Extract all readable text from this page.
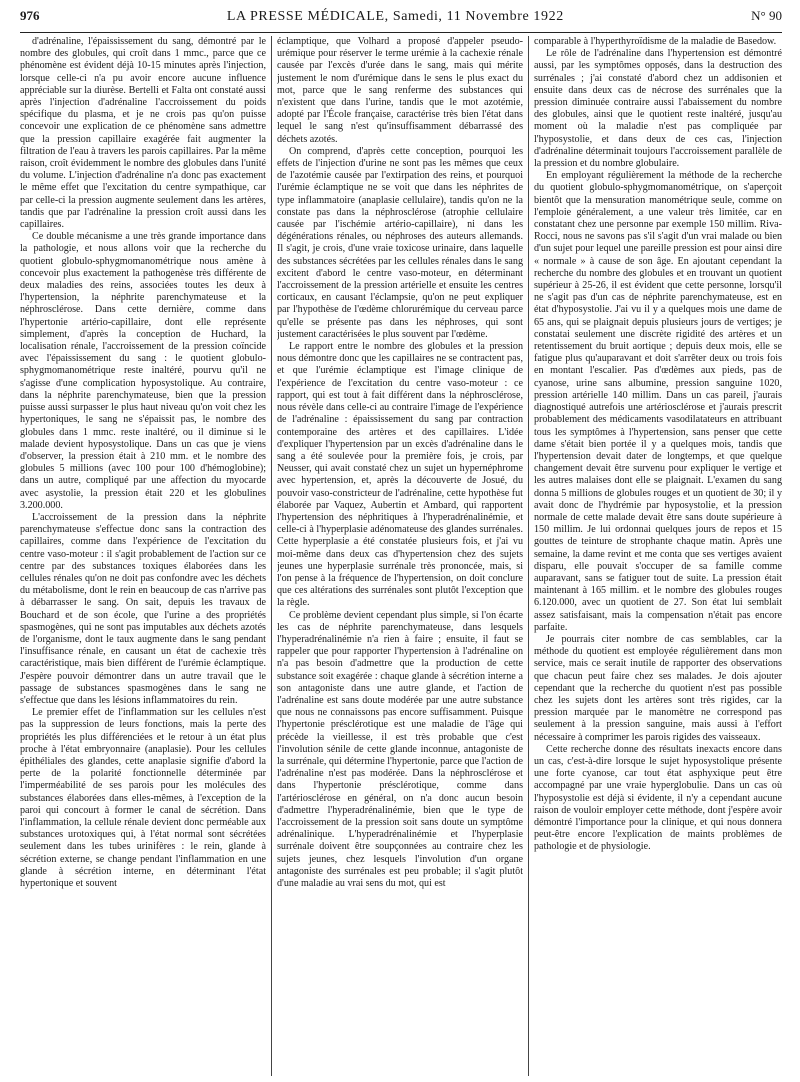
976	LA PRESSE MÉDICALE, Samedi, 11 Novembre 1922	N° 90

d'adrénaline, l'épaississement du sang, démontré par le nombre des globules, qui croît dans 1 mmc., parce que ce phénomène est évident déjà 10-15 minutes après l'injection, lorsque celle-ci n'a pu avoir encore aucune influence appréciable sur la diurèse. Bertelli et Falta ont constaté aussi après l'injection d'adrénaline l'accroissement du poids spécifique du plasma, et je ne crois pas qu'on puisse concevoir une explication de ce phénomène sans admettre que la pression capillaire exagérée fait augmenter la filtration de l'eau à travers les parois capillaires. Par la même raison, croît évidemment le nombre des globules dans l'unité du volume. L'injection d'adrénaline n'a donc pas exactement le même effet que l'excitation du centre sympathique, car par celle-ci la pression augmente seulement dans les artères, tandis que par l'adrénaline la pression croît aussi dans les capillaires.

Ce double mécanisme a une très grande importance dans la pathologie, et nous allons voir que la recherche du quotient globulo-sphygmomanométrique nous amène à concevoir plus exactement la pathogenèse très différente de deux maladies des reins, associées toutes les deux à l'hypertension, la néphrite parenchymateuse et la néphrosclérose. Dans cette dernière, comme dans l'hypertonie artério-capillaire, dont elle représente simplement, d'après la conception de Huchard, la localisation rénale, l'accroissement de la pression coïncide avec l'épaississement du sang : le quotient globulo-sphygmomanométrique reste inaltéré, pourvu qu'il ne s'agisse d'une complication hyposystolique. Au contraire, dans la néphrite parenchymateuse, bien que la pression puisse aussi surpasser le plus haut niveau qu'on voit chez les hypertoniques, le sang ne s'épaissit pas, le nombre des globules dans 1 mmc. reste inaltéré, ou il diminue si le malade devient hyposystolique. Dans un cas que je viens d'observer, la pression était à 210 mm. et le nombre des globules 5 millions (avec 100 pour 100 d'hémoglobine); dans un autre, compliqué par une affection du myocarde avec asystolie, la pression était 220 et les globulines 3.200.000.

L'accroissement de la pression dans la néphrite parenchymateuse s'effectue donc sans la contraction des capillaires, comme dans l'expérience de l'excitation du centre vaso-moteur : il s'agit probablement de l'action sur ce centre par des substances toxiques élaborées dans les cellules rénales qu'on ne doit pas confondre avec les déchets du métabolisme, dont le rein en beaucoup de cas n'arrive pas à débarrasser le sang. On sait, depuis les travaux de Bouchard et de son école, que l'urine a des propriétés spasmogènes, qui ne sont pas imputables aux déchets azotés de l'organisme, dont le taux augmente dans le sang pendant l'insuffisance rénale, en causant un état de cachexie très caractéristique, mais bien différent de l'urémie éclamptique. J'espère pouvoir démontrer dans un autre travail que le passage de substances spasmogènes dans le sang ne s'effectue que dans les lésions inflammatoires du rein.

Le premier effet de l'inflammation sur les cellules n'est pas la suppression de leurs fonctions, mais la perte des propriétés les plus différenciées et le retour à un état plus proche à l'état embryonnaire (anaplasie). Pour les cellules épithéliales des glandes, cette anaplasie signifie d'abord la perte de la polarité fonctionnelle déterminée par l'imperméabilité de ses parois pour les molécules des substances élaborées dans elles-mêmes, à l'exception de la paroi qui concourt à former le canal de sécrétion. Dans l'inflammation, la cellule rénale devient donc perméable aux substances urotoxiques qui, à l'état normal sont sécrétées seulement dans les tubes urinifères : le rein, glande à sécrétion externe, se change pendant l'inflammation en une glande à sécrétion interne, en déterminant l'état hypertonique et souvent

éclamptique, que Volhard a proposé d'appeler pseudo-urémique pour réserver le terme urémie à la cachexie rénale causée par l'excès d'urée dans le sang, mais qui mérite justement le nom d'urémique dans le sens le plus exact du mot, parce que le sang renferme des substances qui n'existent que dans l'urine, tandis que le mot azotémie, adopté par l'École française, caractérise très bien l'état dans lequel le sang n'est qu'insuffisamment débarrassé des déchets azotés.

On comprend, d'après cette conception, pourquoi les effets de l'injection d'urine ne sont pas les mêmes que ceux de l'azotémie causée par l'extirpation des reins, et pourquoi l'urémie éclamptique ne se voit que dans les néphrites de type inflammatoire (anaplasie cellulaire), tandis qu'on ne la constate pas dans la néphrosclérose (atrophie cellulaire causée par l'ischémie artério-capillaire), ni dans les dégénérations rénales, ou néphroses des auteurs allemands. Il s'agit, je crois, d'une vraie toxicose urinaire, dans laquelle des substances sécrétées par les cellules rénales dans le sang excitent d'abord le centre vaso-moteur, en déterminant l'accroissement de la pression artérielle et ensuite les centres corticaux, en causant l'éclampsie, qu'on ne peut expliquer par l'hypothèse de l'œdème chlorurémique du cerveau parce qu'elle se présente pas dans les néphroses, qui sont justement caractérisées le plus souvent par l'œdème.

Le rapport entre le nombre des globules et la pression nous démontre donc que les capillaires ne se contractent pas, et que l'urémie éclamptique est l'image clinique de l'expérience de l'excitation du centre vaso-moteur : ce rapport, qui est tout à fait différent dans la néphrosclérose, nous révèle dans celle-ci au contraire l'image de l'expérience de l'adrénaline : épaississement du sang par contraction contemporaine des artères et des capillaires. L'idée d'expliquer l'hypertension par un excès d'adrénaline dans le sang a été soulevée pour la première fois, je crois, par Neusser, qui avait constaté chez un sujet un hypernéphrome avec hypertension, et, après la découverte de Josué, du pouvoir vaso-constricteur de l'adrénaline, cette hypothèse fut élaborée par Vaquez, Aubertin et Ambard, qui rapportent l'hypertension des néphritiques à l'hyperadrénalinémie, et celle-ci à l'hyperplasie adénomateuse des glandes surrénales. Cette hyperplasie a été constatée plusieurs fois, et j'ai vu moi-même dans deux cas d'hypertension chez des sujets jeunes une hyperplasie surrénale très prononcée, mais, si l'on pense à la fréquence de l'hypertension, on doit conclure que ces altérations des surrénales sont plutôt l'exception que la règle.

Ce problème devient cependant plus simple, si l'on écarte les cas de néphrite parenchymateuse, dans lesquels l'hyperadrénalinémie n'a rien à faire ; ensuite, il faut se rappeler que pour rapporter l'hypertension à l'adrénaline on n'a pas besoin d'admettre que la production de cette substance soit exagérée : chaque glande à sécrétion interne a son antagoniste dans une autre glande, et l'action de l'adrénaline est sans doute modérée par une autre substance que nous ne connaissons pas encore suffisamment. Puisque l'hypertonie présclérotique est une maladie de l'âge qui précède la vieillesse, il est très probable que c'est l'involution sénile de cette glande inconnue, antagoniste de la surrénale, qui détermine l'hypertonie, parce que l'action de l'adrénaline n'est pas modérée. Dans la néphrosclérose et dans l'hypertonie présclérotique, comme dans l'artériosclérose en général, on n'a donc aucun besoin d'admettre l'hyperadrénalinémie, bien que le type de l'accroissement de la pression soit sans doute un symptôme adrénalinique. L'hyperadrénalinémie et l'hyperplasie surrénale doivent être soupçonnées au contraire chez les sujets jeunes, chez lesquels l'involution d'un organe antagoniste des surrénales est peu probable; il s'agit plutôt d'une maladie au vrai sens du mot, qui est

comparable à l'hyperthyroïdisme de la maladie de Basedow.

Le rôle de l'adrénaline dans l'hypertension est démontré aussi, par les symptômes opposés, dans la destruction des surrénales ; j'ai constaté d'abord chez un addisonien et ensuite dans deux cas de nécrose des surrénales que la pression diminuée contraire aussi l'abaissement du nombre des globules, ainsi que le quotient reste inaltéré, jusqu'au moment où la maladie n'est pas compliquée par l'hyposystolie, et dans deux de ces cas, l'injection d'adrénaline déterminait toujours l'accroissement parallèle de la pression et du nombre globulaire.

En employant régulièrement la méthode de la recherche du quotient globulo-sphygmomanométrique, on s'aperçoit bientôt que la mensuration manométrique seule, comme on l'emploie généralement, a une valeur très limitée, car en constatant chez une personne par exemple 150 millim. Riva-Rocci, nous ne savons pas s'il s'agit d'un vrai malade ou bien d'un sujet pour lequel une pareille pression est pour ainsi dire « normale » à cause de son âge. En ajoutant cependant la recherche du nombre des globules et en trouvant un quotient supérieur à 25-26, il est évident que cette personne, lorsqu'il ne s'agit pas d'un cas de néphrite parenchymateuse, est en état d'hyposystolie. J'ai vu il y a quelques mois une dame de 65 ans, qui se plaignait depuis plusieurs jours de vertiges; je constatai seulement une discrète rigidité des artères et un retentissement du bruit aortique ; depuis deux mois, elle se fatigue plus qu'auparavant et doit s'arrêter deux ou trois fois en montant l'escalier. Pas d'œdèmes aux pieds, pas de cyanose, urine sans albumine, pression sanguine 1020, pression artérielle 140 millim. Dans un cas pareil, j'aurais diagnostiqué autrefois une artériosclérose et j'aurais prescrit probablement des médicaments vasodilatateurs en attribuant tous les symptômes à l'hypertension, sans penser que cette dame s'était bien portée il y a quelques mois, tandis que l'hypertension devait dater de longtemps, et que quelque changement devait être survenu pour expliquer le vertige et les autres malaises dont elle se plaignait. L'examen du sang donna 5 millions de globules rouges et un quotient de 30; il y avait donc de l'hydrémie par hyposystolie, et la pression normale de cette malade devait être sans doute supérieure à 150 millim. Je lui ordonnai quelques jours de repos et 15 gouttes de teinture de strophante chaque matin. Après une semaine, la dame revint et me conta que ses vertiges avaient disparu, elle pouvait s'occuper de sa famille comme auparavant, sans se fatiguer tout de suite. La pression était maintenant à 165 millim. et le nombre des globules rouges 6.120.000, avec un quotient de 27. Son état lui semblait assez satisfaisant, mais la compensation n'était pas encore parfaite.

Je pourrais citer nombre de cas semblables, car la méthode du quotient est employée régulièrement dans mon service, mais ce serait inutile de rapporter des observations que chacun peut faire chez ses malades. Je dois ajouter cependant que la recherche du quotient n'est pas possible chez les sujets dont les artères sont très rigides, car la pression marquée par le manomètre ne correspond pas seulement à la pression sanguine, mais aussi à l'effort nécessaire à comprimer les parois rigides des vaisseaux.

Cette recherche donne des résultats inexacts encore dans un cas, c'est-à-dire lorsque le sujet hyposystolique présente une forte cyanose, car tout état asphyxique peut être accompagné par une vraie hyperglobulie. Dans un cas où l'hyposystolie est déjà si évidente, il n'y a cependant aucune raison de vouloir employer cette méthode, dont j'espère avoir démontré l'importance pour la clinique, et qui nous donnera peut-être encore l'explication de maints problèmes de pathologie et de physiologie.
